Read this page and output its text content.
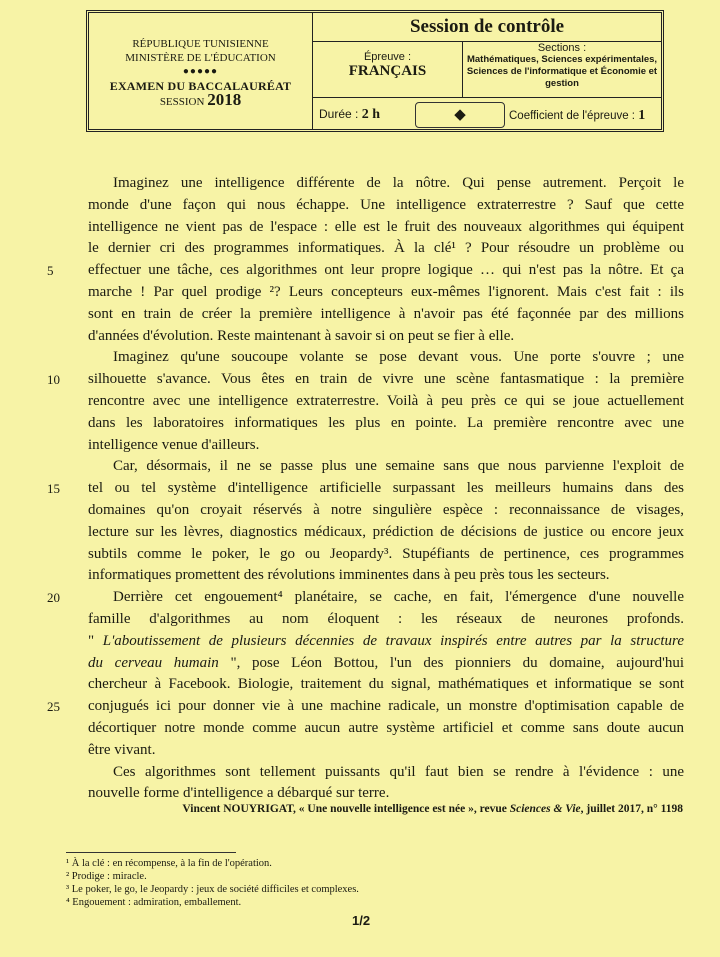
RÉPUBLIQUE TUNISIENNE
MINISTÈRE DE L'ÉDUCATION
●●●●●
EXAMEN DU BACCALAURÉAT
SESSION 2018
Session de contrôle
Épreuve :
FRANÇAIS
Sections :
Mathématiques, Sciences expérimentales, Sciences de l'informatique et Économie et gestion
Durée : 2 h	◆	Coefficient de l'épreuve : 1
Imaginez une intelligence différente de la nôtre. Qui pense autrement. Perçoit le
monde d'une façon qui nous échappe. Une intelligence extraterrestre ? Sauf que cette
intelligence ne vient pas de l'espace : elle est le fruit des nouveaux algorithmes qui équipent
le dernier cri des programmes informatiques. À la clé¹ ? Pour résoudre un problème ou
5 effectuer une tâche, ces algorithmes ont leur propre logique … qui n'est pas la nôtre. Et ça
marche ! Par quel prodige ²? Leurs concepteurs eux-mêmes l'ignorent. Mais c'est fait : ils
sont en train de créer la première intelligence à n'avoir pas été façonnée par des millions
d'années d'évolution. Reste maintenant à savoir si on peut se fier à elle.
Imaginez qu'une soucoupe volante se pose devant vous. Une porte s'ouvre ; une
10 silhouette s'avance. Vous êtes en train de vivre une scène fantasmatique : la première
rencontre avec une intelligence extraterrestre. Voilà à peu près ce qui se joue actuellement
dans les laboratoires informatiques les plus en pointe. La première rencontre avec une
intelligence venue d'ailleurs.
Car, désormais, il ne se passe plus une semaine sans que nous parvienne l'exploit de
15 tel ou tel système d'intelligence artificielle surpassant les meilleurs humains dans des
domaines qu'on croyait réservés à notre singulière espèce : reconnaissance de visages,
lecture sur les lèvres, diagnostics médicaux, prédiction de décisions de justice ou encore jeux
subtils comme le poker, le go ou Jeopardy³. Stupéfiants de pertinence, ces programmes
informatiques promettent des révolutions imminentes dans à peu près tous les secteurs.
20	Derrière cet engouement⁴ planétaire, se cache, en fait, l'émergence d'une nouvelle
famille d'algorithmes au nom éloquent : les réseaux de neurones profonds.
" L'aboutissement de plusieurs décennies de travaux inspirés entre autres par la structure
du cerveau humain ", pose Léon Bottou, l'un des pionniers du domaine, aujourd'hui
chercheur à Facebook. Biologie, traitement du signal, mathématiques et informatique se sont
25 conjugués ici pour donner vie à une machine radicale, un monstre d'optimisation capable de
décortiquer notre monde comme aucun autre système artificiel et comme sans doute aucun
être vivant.
Ces algorithmes sont tellement puissants qu'il faut bien se rendre à l'évidence : une
nouvelle forme d'intelligence a débarqué sur terre.
Vincent NOUYRIGAT, « Une nouvelle intelligence est née », revue Sciences & Vie, juillet 2017, n° 1198
¹ À la clé : en récompense, à la fin de l'opération.
² Prodige : miracle.
³ Le poker, le go, le Jeopardy : jeux de société difficiles et complexes.
⁴ Engouement : admiration, emballement.
1/2
